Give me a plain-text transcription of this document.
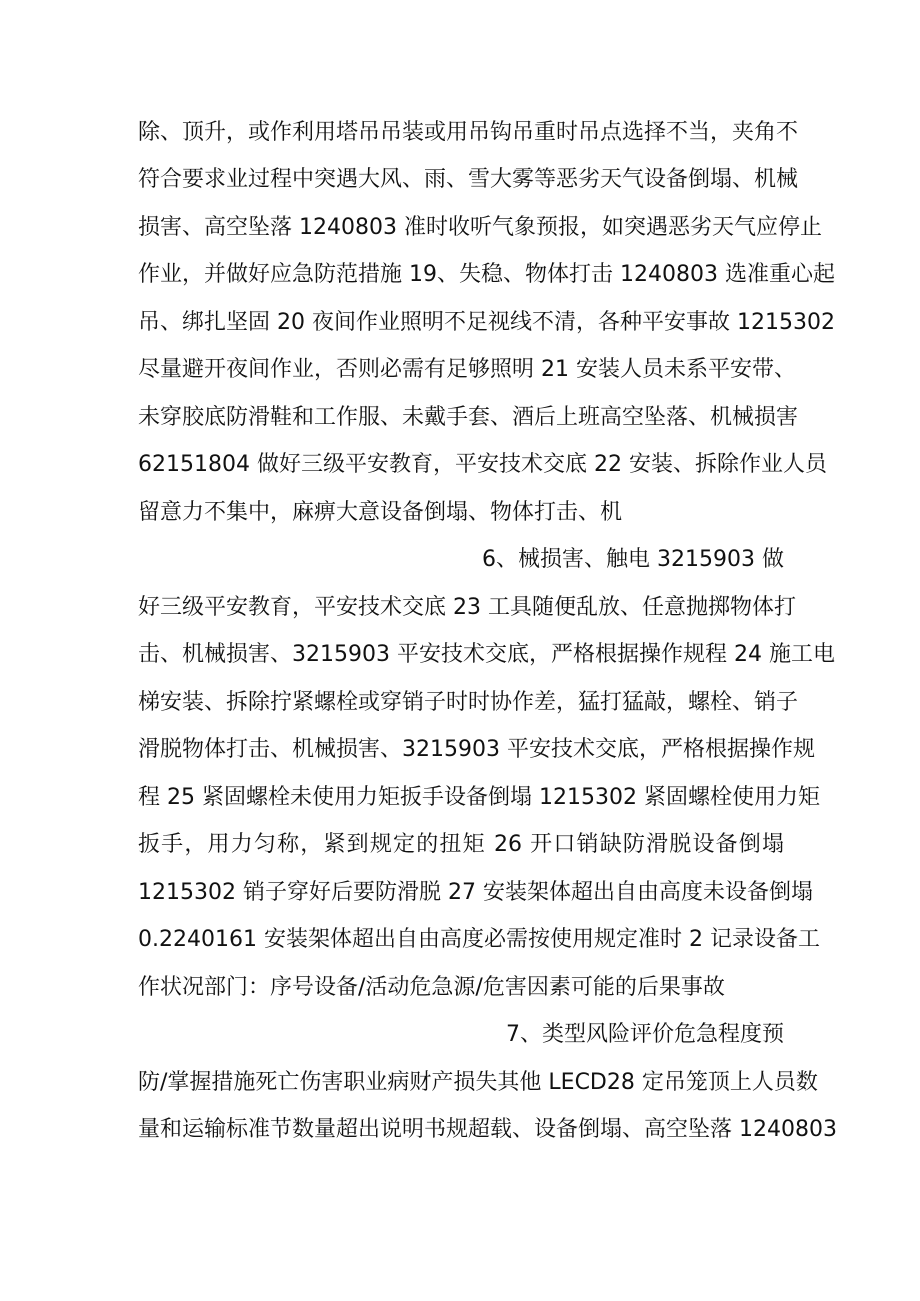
除、顶升，或作利用塔吊吊装或用吊钩吊重时吊点选择不当，夹角不
符合要求业过程中突遇大风、雨、雪大雾等恶劣天气设备倒塌、机械
损害、高空坠落 1240803 准时收听气象预报，如突遇恶劣天气应停止
作业，并做好应急防范措施 19、失稳、物体打击 1240803 选准重心起
吊、绑扎坚固 20 夜间作业照明不足视线不清，各种平安事故 1215302
尽量避开夜间作业，否则必需有足够照明 21 安装人员未系平安带、
未穿胶底防滑鞋和工作服、未戴手套、酒后上班高空坠落、机械损害
62151804 做好三级平安教育，平安技术交底 22 安装、拆除作业人员
留意力不集中，麻痹大意设备倒塌、物体打击、机
6、械损害、触电 3215903 做
好三级平安教育，平安技术交底 23 工具随便乱放、任意抛掷物体打
击、机械损害、3215903 平安技术交底，严格根据操作规程 24 施工电
梯安装、拆除拧紧螺栓或穿销子时时协作差，猛打猛敲，螺栓、销子
滑脱物体打击、机械损害、3215903 平安技术交底，严格根据操作规
程 25 紧固螺栓未使用力矩扳手设备倒塌 1215302 紧固螺栓使用力矩
扳手，用力匀称，紧到规定的扭矩 26 开口销缺防滑脱设备倒塌
1215302 销子穿好后要防滑脱 27 安装架体超出自由高度未设备倒塌
0.2240161 安装架体超出自由高度必需按使用规定准时 2 记录设备工
作状况部门：序号设备/活动危急源/危害因素可能的后果事故
7、类型风险评价危急程度预
防/掌握措施死亡伤害职业病财产损失其他 LECD28 定吊笼顶上人员数
量和运输标准节数量超出说明书规超载、设备倒塌、高空坠落 1240803
